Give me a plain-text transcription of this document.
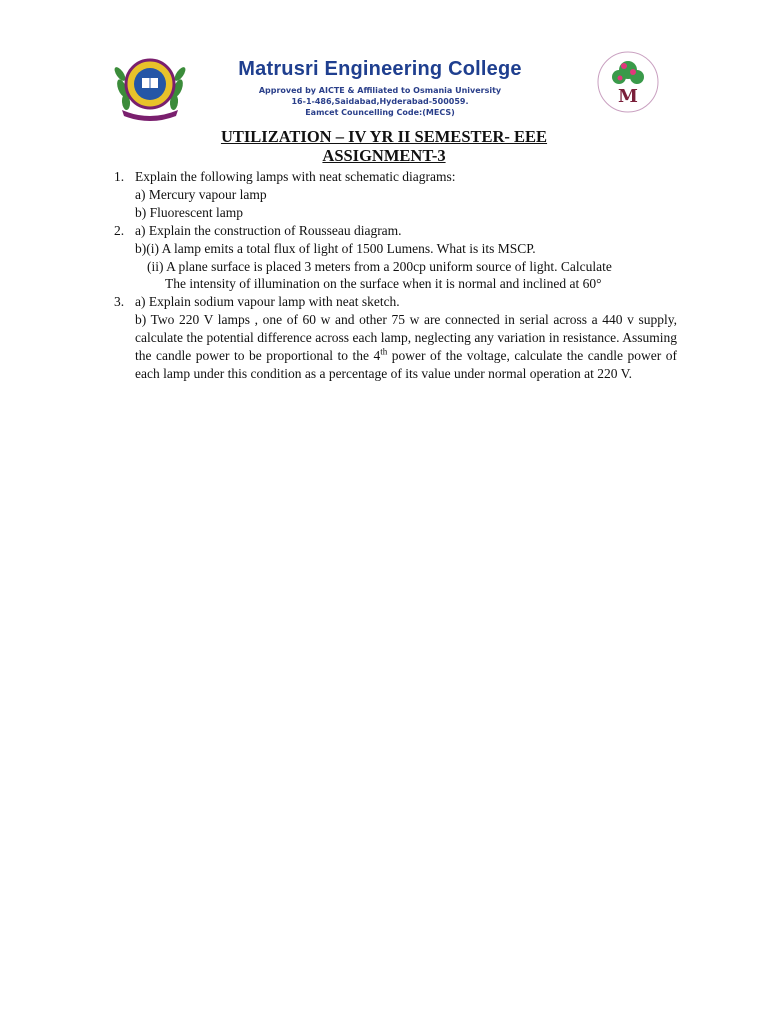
Matrusri Engineering College
Approved by AICTE & Affiliated to Osmania University
16-1-486,Saidabad,Hyderabad-500059.
Eamcet Councelling Code:(MECS)
M
UTILIZATION – IV YR II SEMESTER- EEE
ASSIGNMENT-3
1. Explain the following lamps with neat schematic diagrams:
a) Mercury vapour lamp
b) Fluorescent lamp
2. a) Explain the construction of Rousseau diagram.
b)(i) A lamp emits a total flux of light of 1500 Lumens. What is its MSCP.
(ii) A plane surface is placed 3 meters from a 200cp uniform source of light. Calculate
The intensity of illumination on the surface when it is normal and inclined at 60°
3. a) Explain sodium vapour lamp with neat sketch.
b) Two 220 V lamps , one of 60 w and other 75 w are connected in serial across a 440 v supply, calculate the potential difference across each lamp, neglecting any variation in resistance. Assuming the candle power to be proportional to the 4th power of the voltage, calculate the candle power of each lamp under this condition as a percentage of its value under normal operation at 220 V.
